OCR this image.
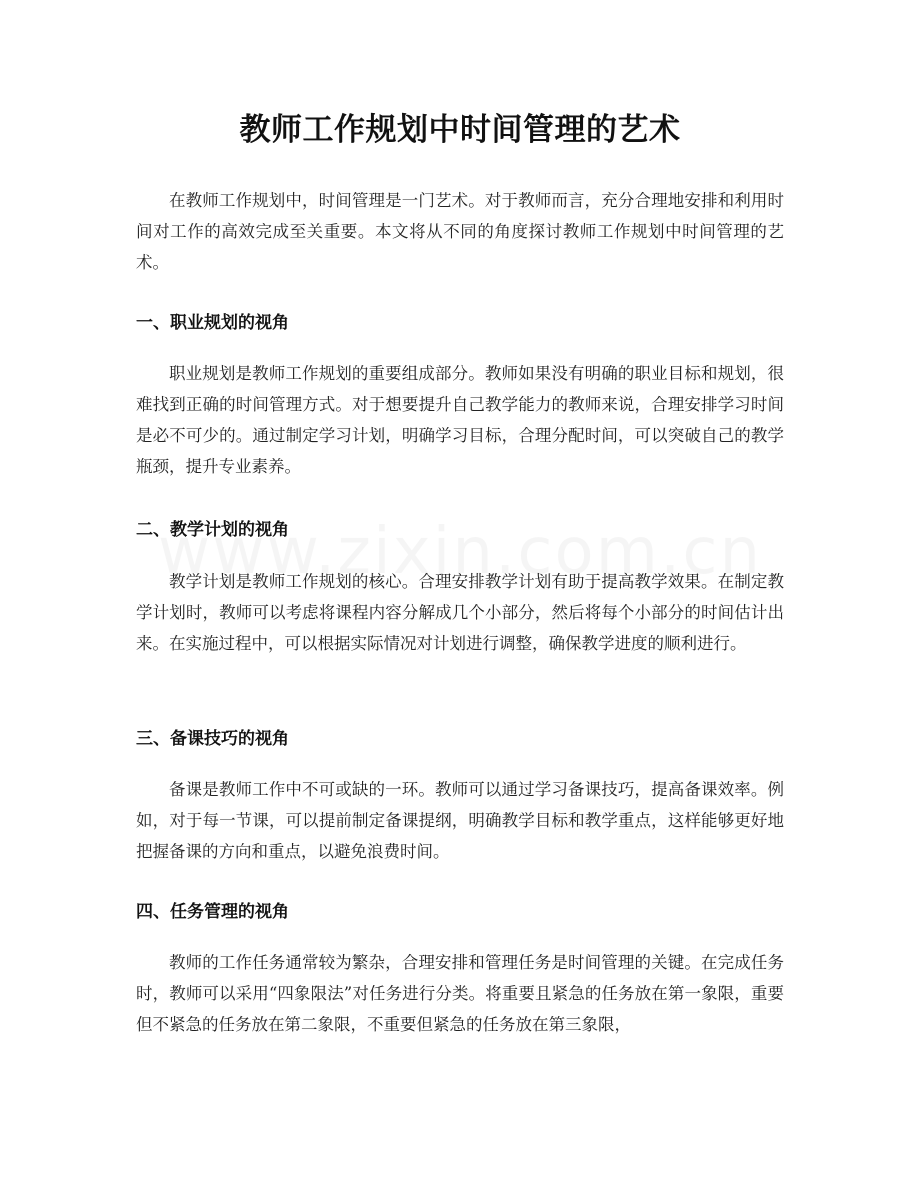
教师工作规划中时间管理的艺术

在教师工作规划中，时间管理是一门艺术。对于教师而言，充分合理地安排和利用时间对工作的高效完成至关重要。本文将从不同的角度探讨教师工作规划中时间管理的艺术。

一、职业规划的视角

职业规划是教师工作规划的重要组成部分。教师如果没有明确的职业目标和规划，很难找到正确的时间管理方式。对于想要提升自己教学能力的教师来说，合理安排学习时间是必不可少的。通过制定学习计划，明确学习目标，合理分配时间，可以突破自己的教学瓶颈，提升专业素养。

二、教学计划的视角

教学计划是教师工作规划的核心。合理安排教学计划有助于提高教学效果。在制定教学计划时，教师可以考虑将课程内容分解成几个小部分，然后将每个小部分的时间估计出来。在实施过程中，可以根据实际情况对计划进行调整，确保教学进度的顺利进行。

三、备课技巧的视角

备课是教师工作中不可或缺的一环。教师可以通过学习备课技巧，提高备课效率。例如，对于每一节课，可以提前制定备课提纲，明确教学目标和教学重点，这样能够更好地把握备课的方向和重点，以避免浪费时间。

四、任务管理的视角

教师的工作任务通常较为繁杂，合理安排和管理任务是时间管理的关键。在完成任务时，教师可以采用“四象限法”对任务进行分类。将重要且紧急的任务放在第一象限，重要但不紧急的任务放在第二象限，不重要但紧急的任务放在第三象限，
